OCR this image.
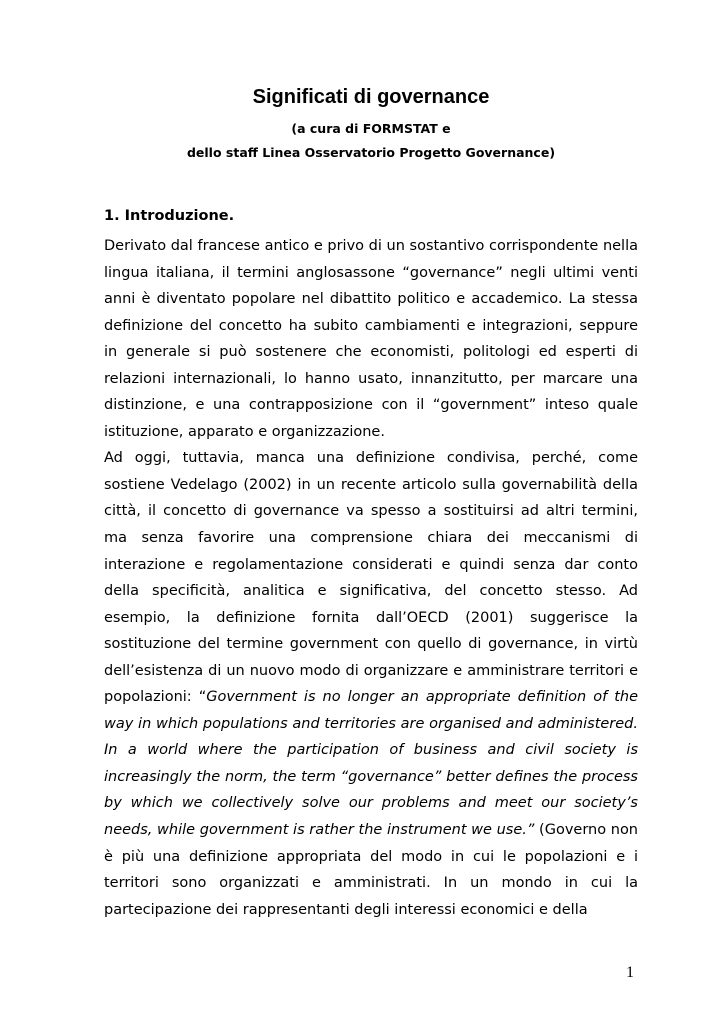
Significati di governance
(a cura di FORMSTAT e
dello staff Linea Osservatorio Progetto Governance)
1. Introduzione.

Derivato dal francese antico e privo di un sostantivo corrispondente nella lingua italiana, il termini anglosassone “governance” negli ultimi venti anni è diventato popolare nel dibattito politico e accademico. La stessa definizione del concetto ha subito cambiamenti e integrazioni, seppure in generale si può sostenere che economisti, politologi ed esperti di relazioni internazionali, lo hanno usato, innanzitutto, per marcare una distinzione, e una contrapposizione con il “government” inteso quale istituzione, apparato e organizzazione.

Ad oggi, tuttavia, manca una definizione condivisa, perché, come sostiene Vedelago (2002) in un recente articolo sulla governabilità della città, il concetto di governance va spesso a sostituirsi ad altri termini, ma senza favorire una comprensione chiara dei meccanismi di interazione e regolamentazione considerati e quindi senza dar conto della specificità, analitica e significativa, del concetto stesso. Ad esempio, la definizione fornita dall’OECD (2001) suggerisce la sostituzione del termine government con quello di governance, in virtù dell’esistenza di un nuovo modo di organizzare e amministrare territori e popolazioni: “Government is no longer an appropriate definition of the way in which populations and territories are organised and administered. In a world where the participation of business and civil society is increasingly the norm, the term “governance” better defines the process by which we collectively solve our problems and meet our society’s needs, while government is rather the instrument we use.” (Governo non è più una definizione appropriata del modo in cui le popolazioni e i territori sono organizzati e amministrati. In un mondo in cui la partecipazione dei rappresentanti degli interessi economici e della

1
